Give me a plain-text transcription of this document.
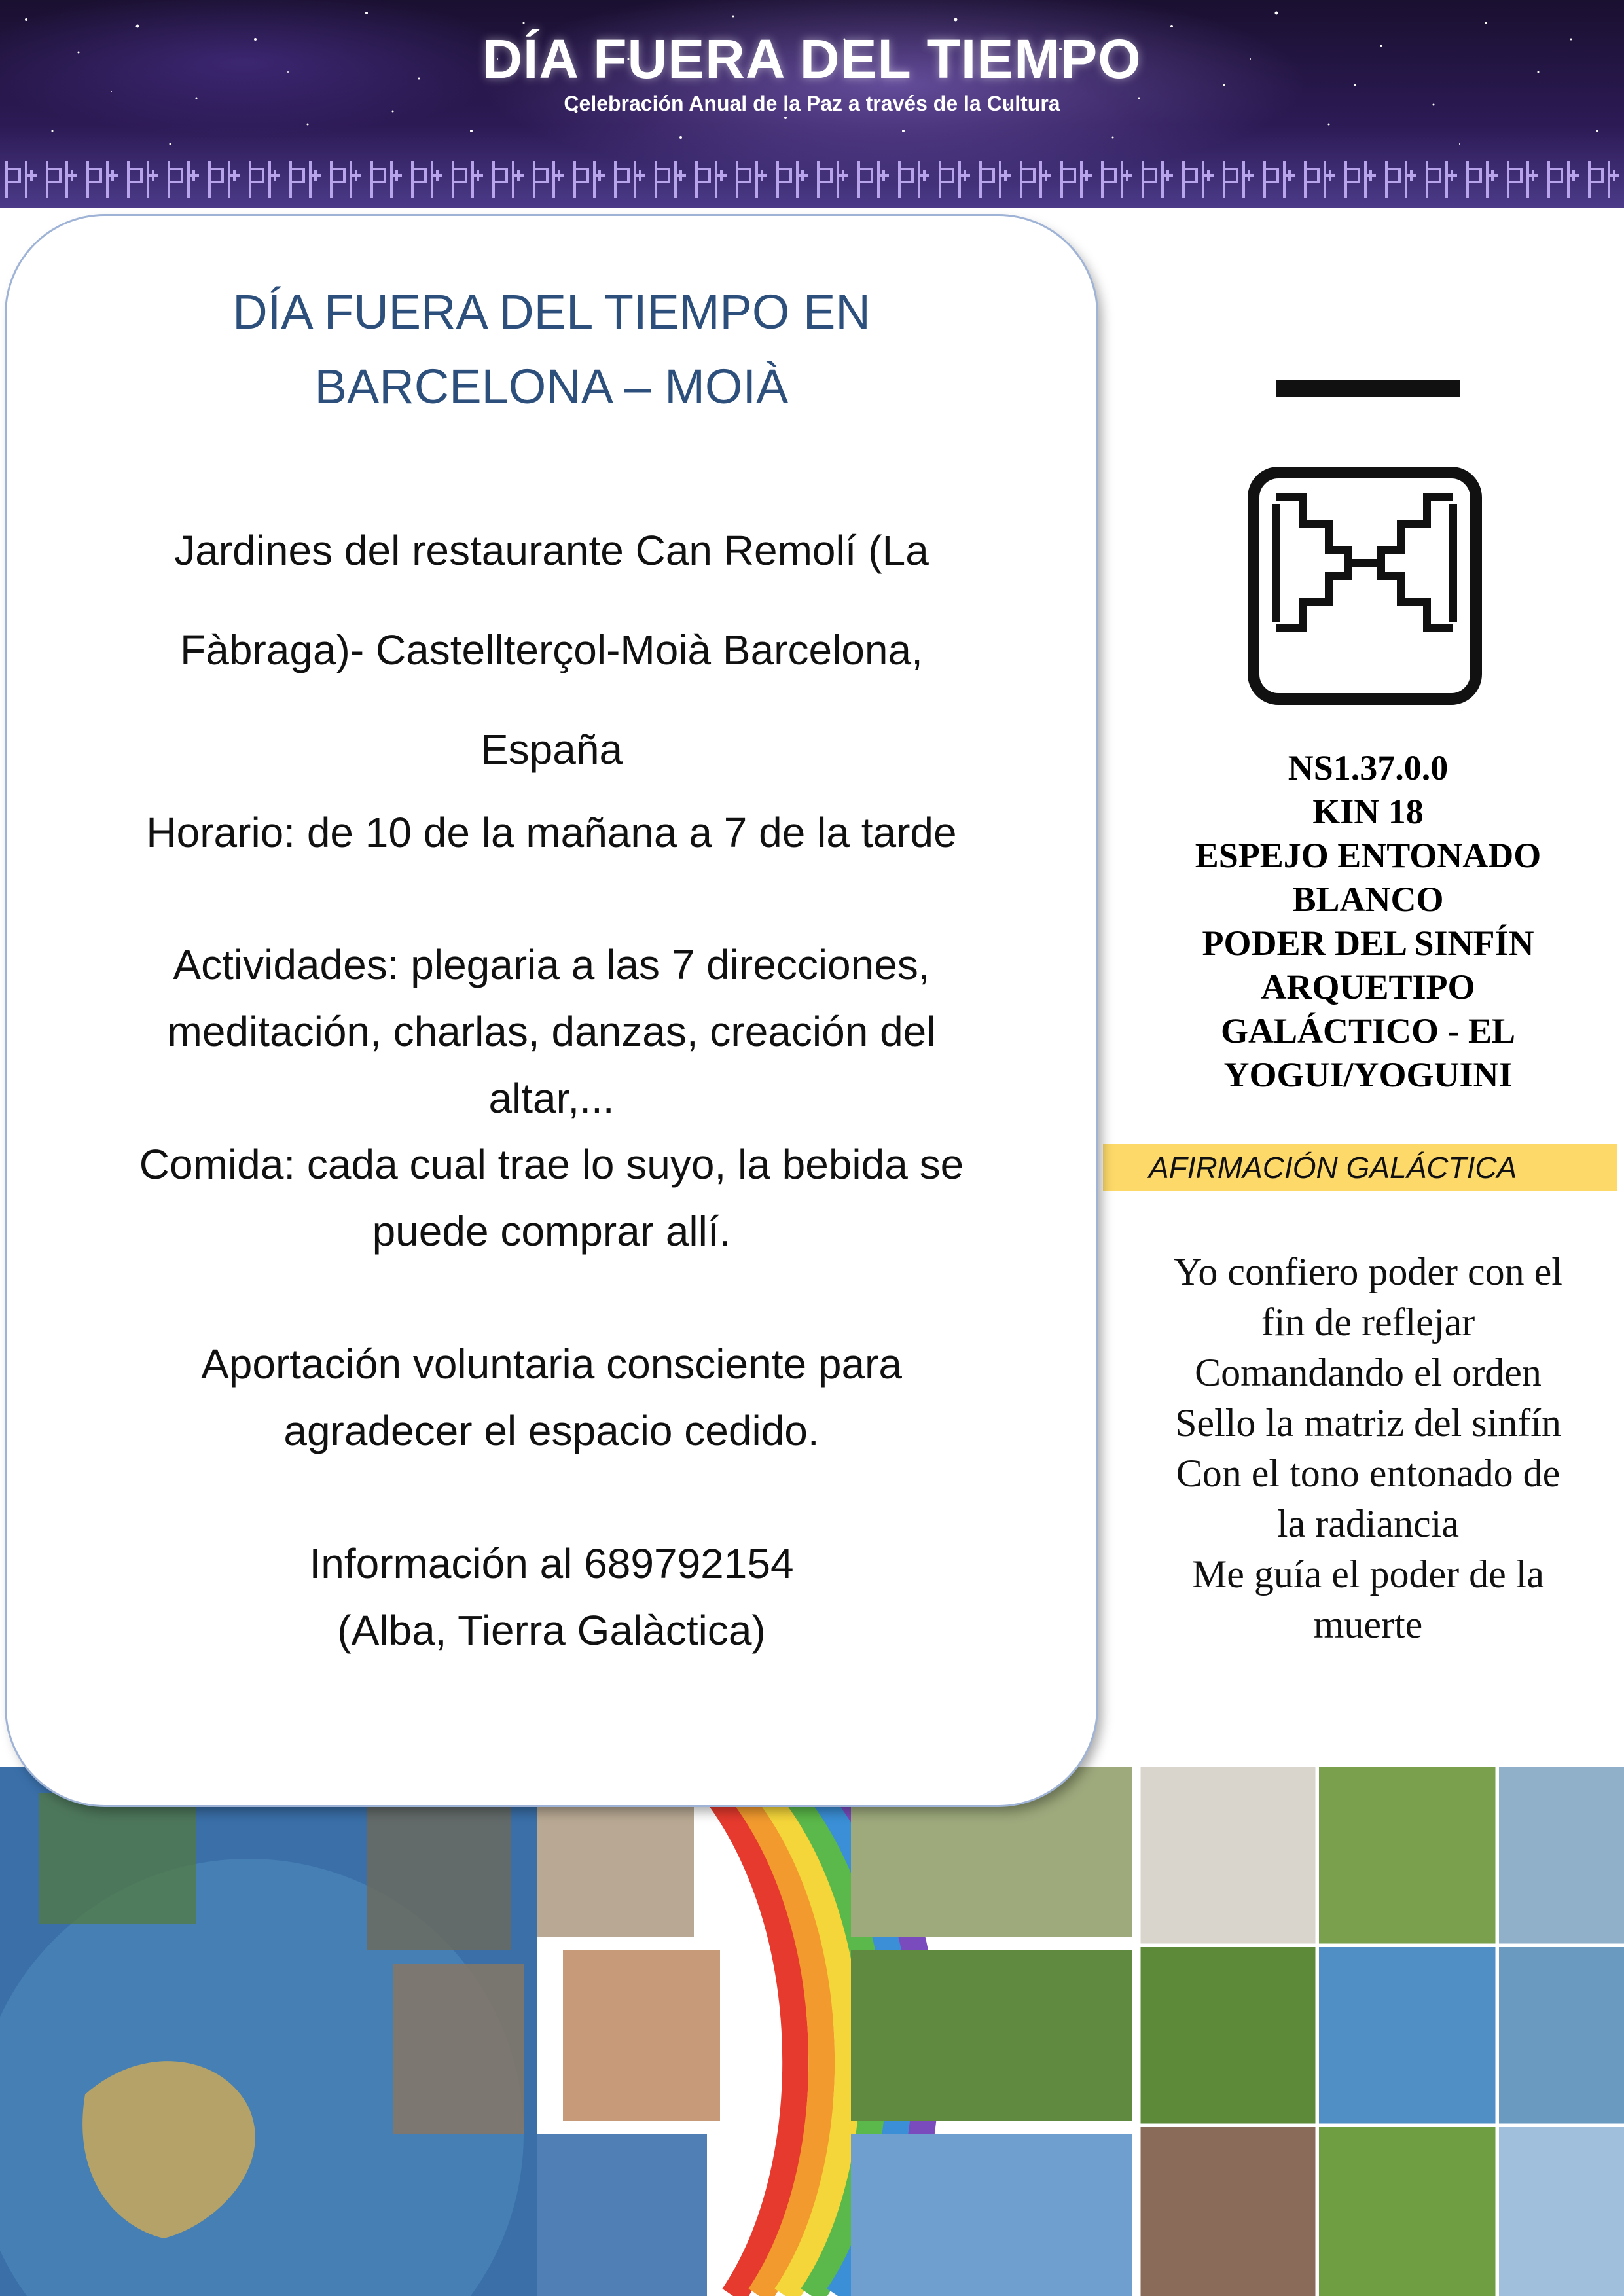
DÍA FUERA DEL TIEMPO
Celebración Anual de la Paz a través de la Cultura
DÍA FUERA DEL TIEMPO EN
BARCELONA – MOIÀ
Jardines del restaurante Can Remolí (La
Fàbraga)- Castellterçol-Moià Barcelona,
España
Horario: de 10 de la mañana a 7 de la tarde
Actividades: plegaria a las 7 direcciones,
meditación, charlas, danzas, creación del
altar,...
Comida: cada cual trae lo suyo, la bebida se
puede comprar allí.
Aportación voluntaria consciente para
agradecer el espacio cedido.
Información al 689792154
(Alba, Tierra Galàctica)
NS1.37.0.0
KIN 18
ESPEJO ENTONADO
BLANCO
PODER DEL SINFÍN
ARQUETIPO
GALÁCTICO - EL
YOGUI/YOGUINI
AFIRMACIÓN GALÁCTICA
Yo confiero poder con el
fin de reflejar
Comandando el orden
Sello la matriz del sinfín
Con el tono entonado de
la radiancia
Me guía el poder de la
muerte
